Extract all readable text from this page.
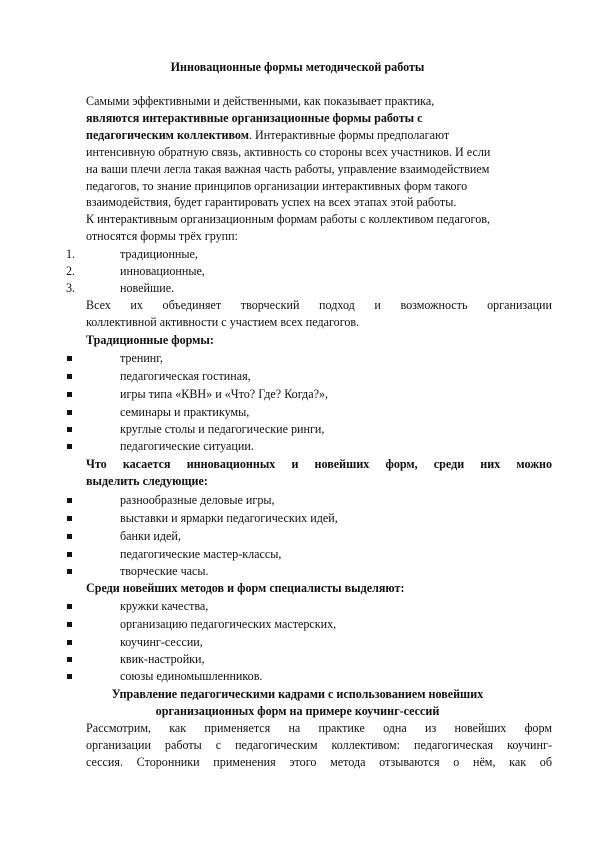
Инновационные формы методической работы
Самыми эффективными и действенными, как показывает практика,
являются интерактивные организационные формы работы с
педагогическим коллективом. Интерактивные формы предполагают
интенсивную обратную связь, активность со стороны всех участников. И если
на ваши плечи легла такая важная часть работы, управление взаимодействием
педагогов, то знание принципов организации интерактивных форм такого
взаимодействия, будет гарантировать успех на всех этапах этой работы.
К интерактивным организационным формам работы с коллективом педагогов,
относятся формы трёх групп:
1.	традиционные,
2.	инновационные,
3.	новейшие.
Всех их объединяет творческий подход и возможность организации
коллективной активности с участием всех педагогов.
Традиционные формы:
тренинг,
педагогическая гостиная,
игры типа «КВН» и «Что? Где? Когда?»,
семинары и практикумы,
круглые столы и педагогические ринги,
педагогические ситуации.
Что касается инновационных и новейших форм, среди них можно
выделить следующие:
разнообразные деловые игры,
выставки и ярмарки педагогических идей,
банки идей,
педагогические мастер-классы,
творческие часы.
Среди новейших методов и форм специалисты выделяют:
кружки качества,
организацию педагогических мастерских,
коучинг-сессии,
квик-настройки,
союзы единомышленников.
Управление педагогическими кадрами с использованием новейших
организационных форм на примере коучинг-сессий
Рассмотрим, как применяется на практике одна из новейших форм
организации работы с педагогическим коллективом: педагогическая коучинг-
сессия. Сторонники применения этого метода отзываются о нём, как об
